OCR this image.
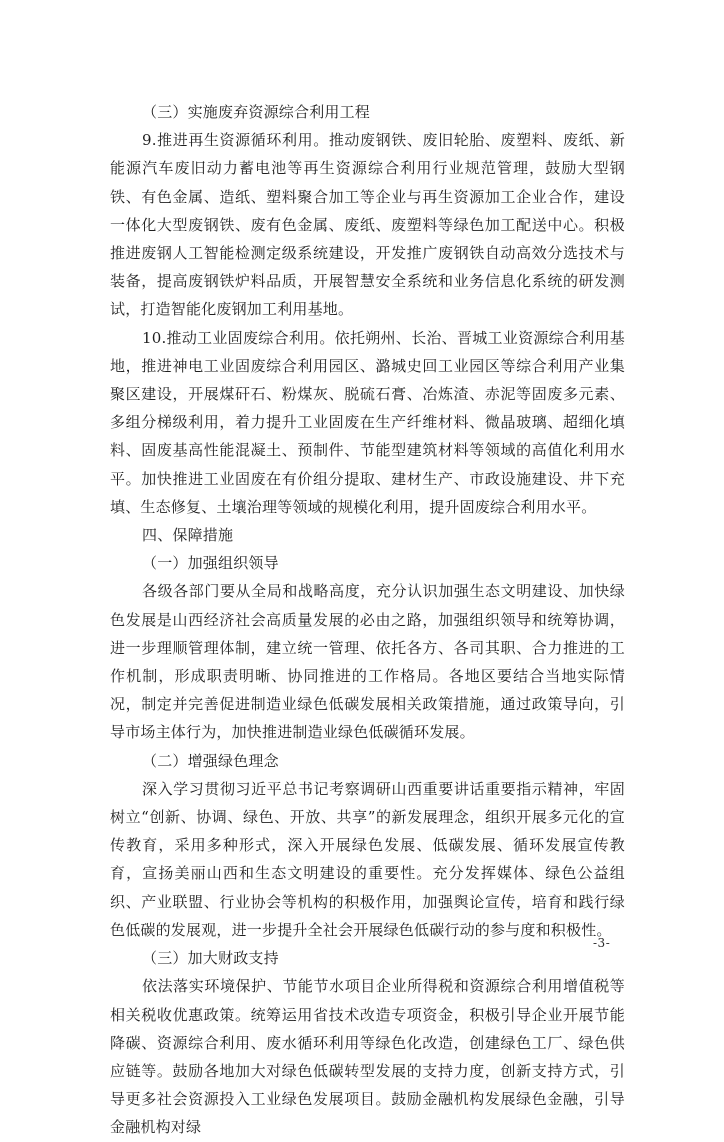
（三）实施废弃资源综合利用工程

9.推进再生资源循环利用。推动废钢铁、废旧轮胎、废塑料、废纸、新能源汽车废旧动力蓄电池等再生资源综合利用行业规范管理，鼓励大型钢铁、有色金属、造纸、塑料聚合加工等企业与再生资源加工企业合作，建设一体化大型废钢铁、废有色金属、废纸、废塑料等绿色加工配送中心。积极推进废钢人工智能检测定级系统建设，开发推广废钢铁自动高效分选技术与装备，提高废钢铁炉料品质，开展智慧安全系统和业务信息化系统的研发测试，打造智能化废钢加工利用基地。

10.推动工业固废综合利用。依托朔州、长治、晋城工业资源综合利用基地，推进神电工业固废综合利用园区、潞城史回工业园区等综合利用产业集聚区建设，开展煤矸石、粉煤灰、脱硫石膏、冶炼渣、赤泥等固废多元素、多组分梯级利用，着力提升工业固废在生产纤维材料、微晶玻璃、超细化填料、固废基高性能混凝土、预制件、节能型建筑材料等领域的高值化利用水平。加快推进工业固废在有价组分提取、建材生产、市政设施建设、井下充填、生态修复、土壤治理等领域的规模化利用，提升固废综合利用水平。

四、保障措施

（一）加强组织领导

各级各部门要从全局和战略高度，充分认识加强生态文明建设、加快绿色发展是山西经济社会高质量发展的必由之路，加强组织领导和统筹协调，进一步理顺管理体制，建立统一管理、依托各方、各司其职、合力推进的工作机制，形成职责明晰、协同推进的工作格局。各地区要结合当地实际情况，制定并完善促进制造业绿色低碳发展相关政策措施，通过政策导向，引导市场主体行为，加快推进制造业绿色低碳循环发展。

（二）增强绿色理念

深入学习贯彻习近平总书记考察调研山西重要讲话重要指示精神，牢固树立“创新、协调、绿色、开放、共享”的新发展理念，组织开展多元化的宣传教育，采用多种形式，深入开展绿色发展、低碳发展、循环发展宣传教育，宣扬美丽山西和生态文明建设的重要性。充分发挥媒体、绿色公益组织、产业联盟、行业协会等机构的积极作用，加强舆论宣传，培育和践行绿色低碳的发展观，进一步提升全社会开展绿色低碳行动的参与度和积极性。

（三）加大财政支持

依法落实环境保护、节能节水项目企业所得税和资源综合利用增值税等相关税收优惠政策。统筹运用省技术改造专项资金，积极引导企业开展节能降碳、资源综合利用、废水循环利用等绿色化改造，创建绿色工厂、绿色供应链等。鼓励各地加大对绿色低碳转型发展的支持力度，创新支持方式，引导更多社会资源投入工业绿色发展项目。鼓励金融机构发展绿色金融，引导金融机构对绿

-3-
